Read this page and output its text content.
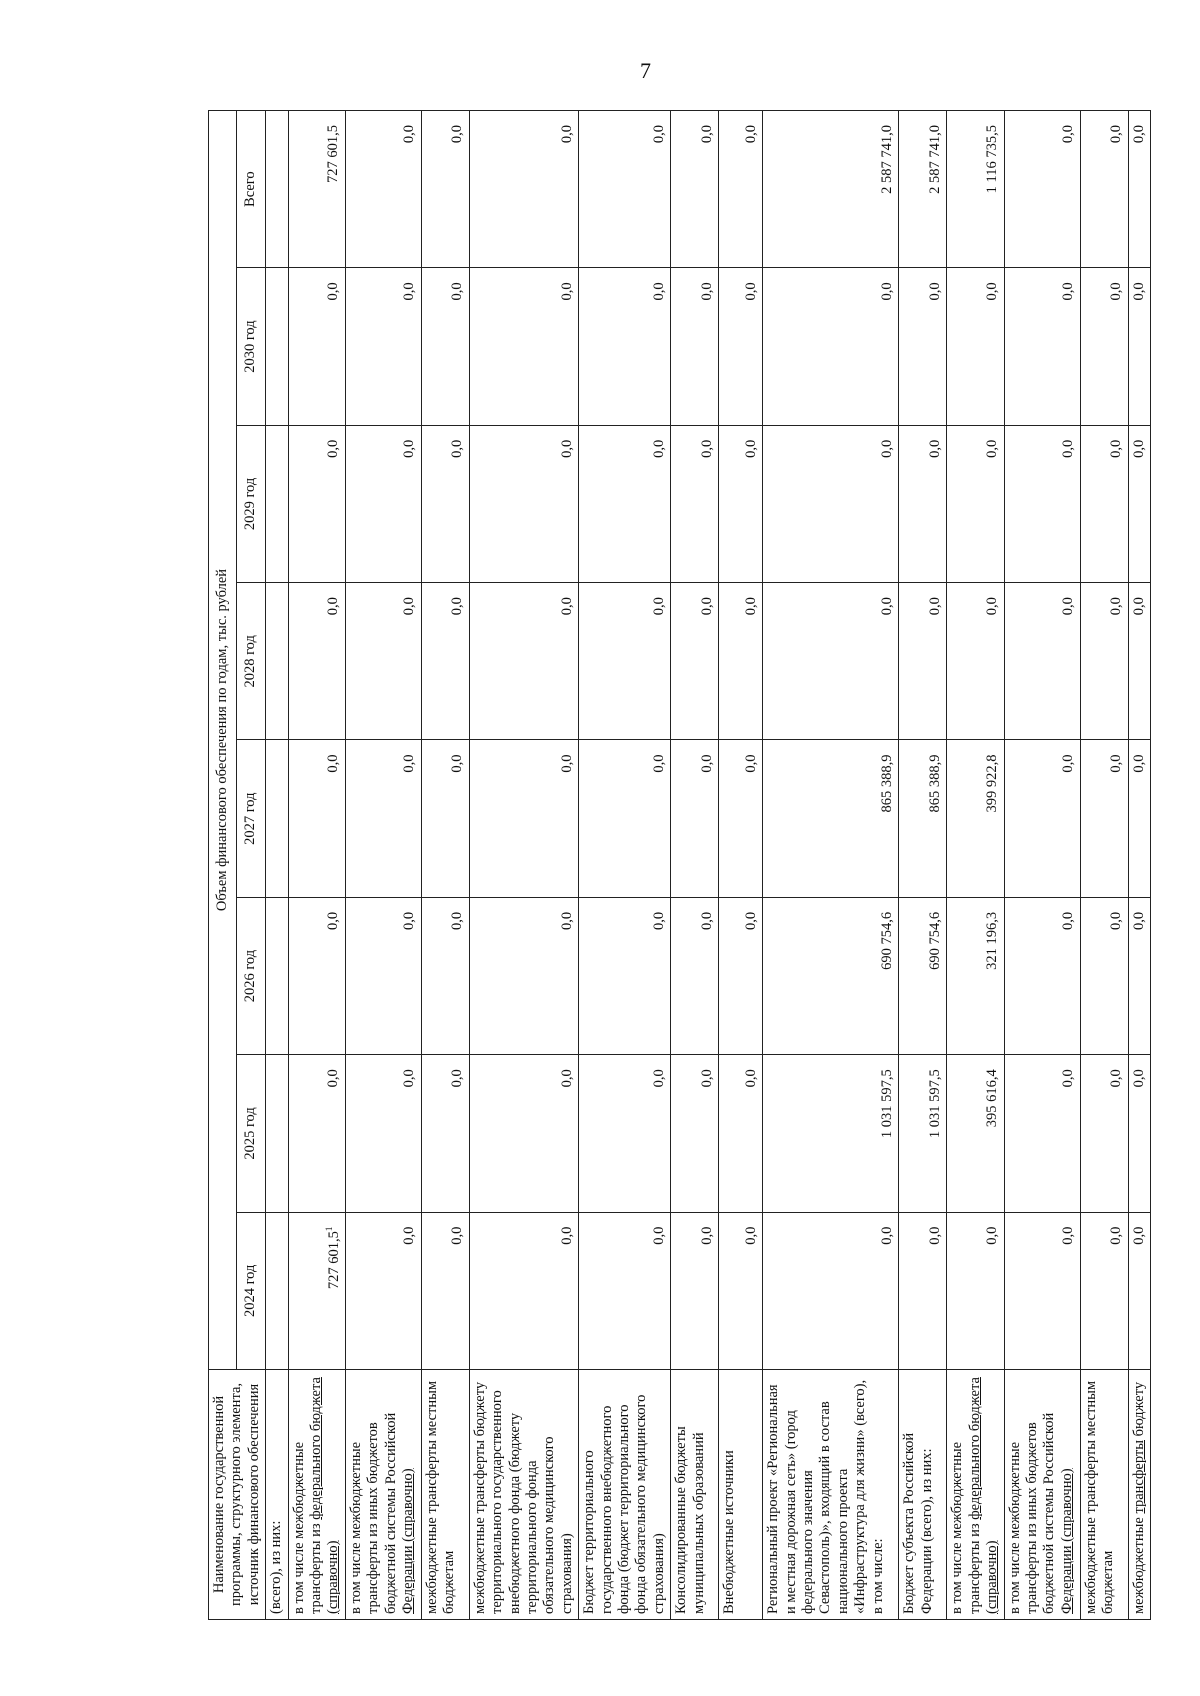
7
Наименование государственной программы, структурного элемента, источник финансового обеспечения	Объем финансового обеспечения по годам, тыс. рублей							
	2024 год	2025 год	2026 год	2027 год	2028 год	2029 год	2030 год	Всего
(всего), из них:								
в том числе межбюджетные трансферты из федерального бюджета (справочно)	727 601,5$^1$	0,0	0,0	0,0	0,0	0,0	0,0	727 601,5
в том числе межбюджетные трансферты из иных бюджетов бюджетной системы Российской Федерации (справочно)	0,0	0,0	0,0	0,0	0,0	0,0	0,0	0,0
межбюджетные трансферты местным бюджетам	0,0	0,0	0,0	0,0	0,0	0,0	0,0	0,0
межбюджетные трансферты бюджету территориального государственного внебюджетного фонда (бюджету территориального фонда обязательного медицинского страхования)	0,0	0,0	0,0	0,0	0,0	0,0	0,0	0,0
Бюджет территориального государственного внебюджетного фонда (бюджет территориального фонда обязательного медицинского страхования)	0,0	0,0	0,0	0,0	0,0	0,0	0,0	0,0
Консолидированные бюджеты муниципальных образований	0,0	0,0	0,0	0,0	0,0	0,0	0,0	0,0
Внебюджетные источники	0,0	0,0	0,0	0,0	0,0	0,0	0,0	0,0
Региональный проект «Региональная и местная дорожная сеть» (город федерального значения Севастополь)», входящий в состав национального проекта «Инфраструктура для жизни» (всего), в том числе:	0,0	1 031 597,5	690 754,6	865 388,9	0,0	0,0	0,0	2 587 741,0
Бюджет субъекта Российской Федерации (всего), из них:	0,0	1 031 597,5	690 754,6	865 388,9	0,0	0,0	0,0	2 587 741,0
в том числе межбюджетные трансферты из федерального бюджета (справочно)	0,0	395 616,4	321 196,3	399 922,8	0,0	0,0	0,0	1 116 735,5
в том числе межбюджетные трансферты из иных бюджетов бюджетной системы Российской Федерации (справочно)	0,0	0,0	0,0	0,0	0,0	0,0	0,0	0,0
межбюджетные трансферты местным бюджетам	0,0	0,0	0,0	0,0	0,0	0,0	0,0	0,0
межбюджетные трансферты бюджету	0,0	0,0	0,0	0,0	0,0	0,0	0,0	0,0
